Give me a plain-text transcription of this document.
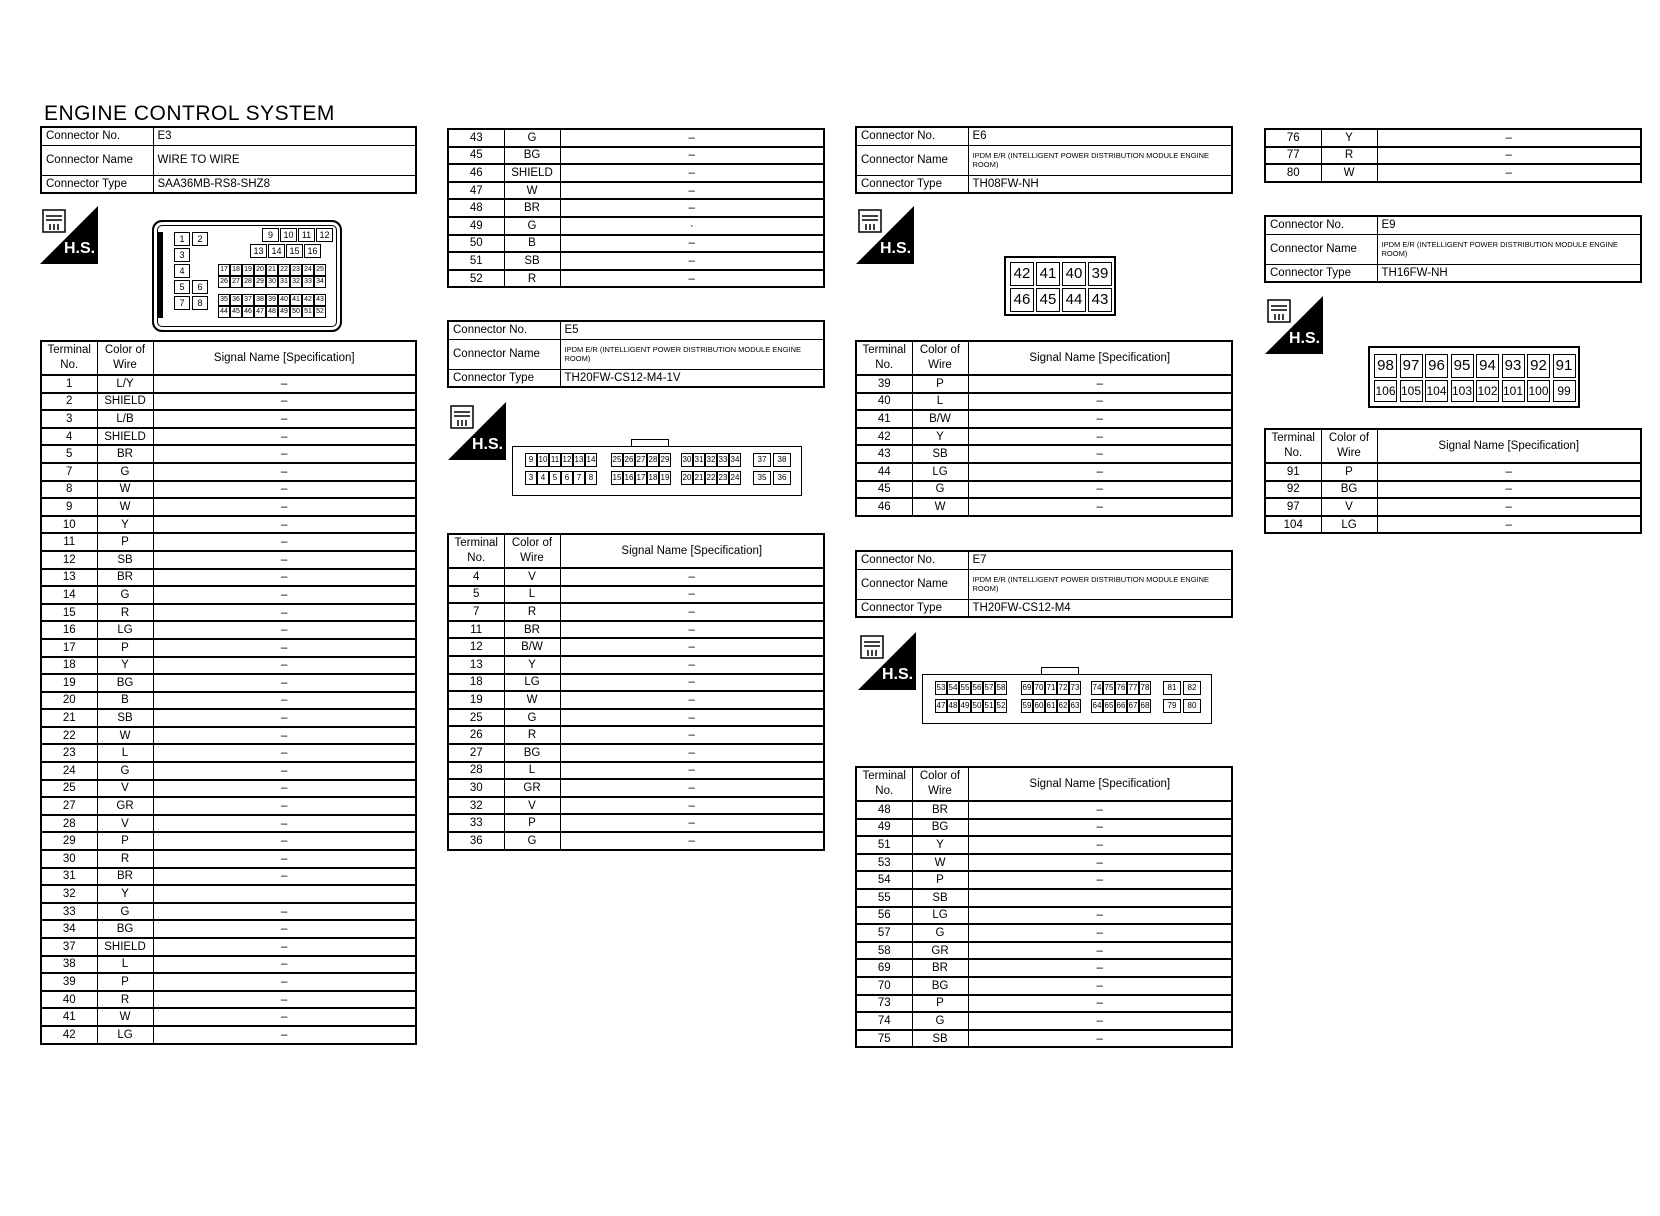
ENGINE CONTROL SYSTEM
Connector No.	E3
Connector Name	WIRE TO WIRE
Connector Type	SAA36MB-RS8-SHZ8
H.S.
1	2
3
4
5	6
7	8
9	10 11 12
13 14 15 16
17 18 19 20 21 22 23 24 25
26 27 28 29 30 31 32 33 34
35 36 37 38 39 40 41 42 43
44 45 46 47 48 49 50 51 52
Terminal No.	Color of Wire	Signal Name [Specification]
1	L/Y	–
2	SHIELD	–
3	L/B	–
4	SHIELD	–
5	BR	–
7	G	–
8	W	–
9	W	–
10	Y	–
11	P	–
12	SB	–
13	BR	–
14	G	–
15	R	–
16	LG	–
17	P	–
18	Y	–
19	BG	–
20	B	–
21	SB	–
22	W	–
23	L	–
24	G	–
25	V	–
27	GR	–
28	V	–
29	P	–
30	R	–
31	BR	–
32	Y	
33	G	–
34	BG	–
37	SHIELD	–
38	L	–
39	P	–
40	R	–
41	W	–
42	LG	–
43	G	–
45	BG	–
46	SHIELD	–
47	W	–
48	BR	–
49	G	·
50	B	–
51	SB	–
52	R	–
Connector No.	E5
Connector Name	IPDM E/R (INTELLIGENT POWER DISTRIBUTION MODULE ENGINE ROOM)
Connector Type	TH20FW-CS12-M4-1V
H.S.
9 10 11 12 13 14 25 26 27 28 29 30 31 32 33 34	37	38
3 4 5 6 7 8	15 16 17 18 19 20 21 22 23 24	35	36
Terminal No.	Color of Wire	Signal Name [Specification]
4	V	–
5	L	–
7	R	–
11	BR	–
12	B/W	–
13	Y	–
18	LG	–
19	W	–
25	G	–
26	R	–
27	BG	–
28	L	–
30	GR	–
32	V	–
33	P	–
36	G	–
Connector No.	E6
Connector Name	IPDM E/R (INTELLIGENT POWER DISTRIBUTION MODULE ENGINE ROOM)
Connector Type	TH08FW-NH
H.S.
42 41 40 39
46 45 44 43
Terminal No.	Color of Wire	Signal Name [Specification]
39	P	–
40	L	–
41	B/W	–
42	Y	–
43	SB	–
44	LG	–
45	G	–
46	W	–
Connector No.	E7
Connector Name	IPDM E/R (INTELLIGENT POWER DISTRIBUTION MODULE ENGINE ROOM)
Connector Type	TH20FW-CS12-M4
H.S.
53 54 55 56 57 58 69 70 71 72 73 74 75 76 77 78	81	82
47 48 49 50 51 52 59 60 61 62 63 64 65 66 67 68	79	80
Terminal No.	Color of Wire	Signal Name [Specification]
48	BR	–
49	BG	–
51	Y	–
53	W	–
54	P	–
55	SB	
56	LG	–
57	G	–
58	GR	–
69	BR	–
70	BG	–
73	P	–
74	G	–
75	SB	–
76	Y	–
77	R	–
80	W	–
Connector No.	E9
Connector Name	IPDM E/R (INTELLIGENT POWER DISTRIBUTION MODULE ENGINE ROOM)
Connector Type	TH16FW-NH
H.S.
98 97 96 95 94 93 92 91
106 105 104 103 102 101 100 99
Terminal No.	Color of Wire	Signal Name [Specification]
91	P	–
92	BG	–
97	V	–
104	LG	–
